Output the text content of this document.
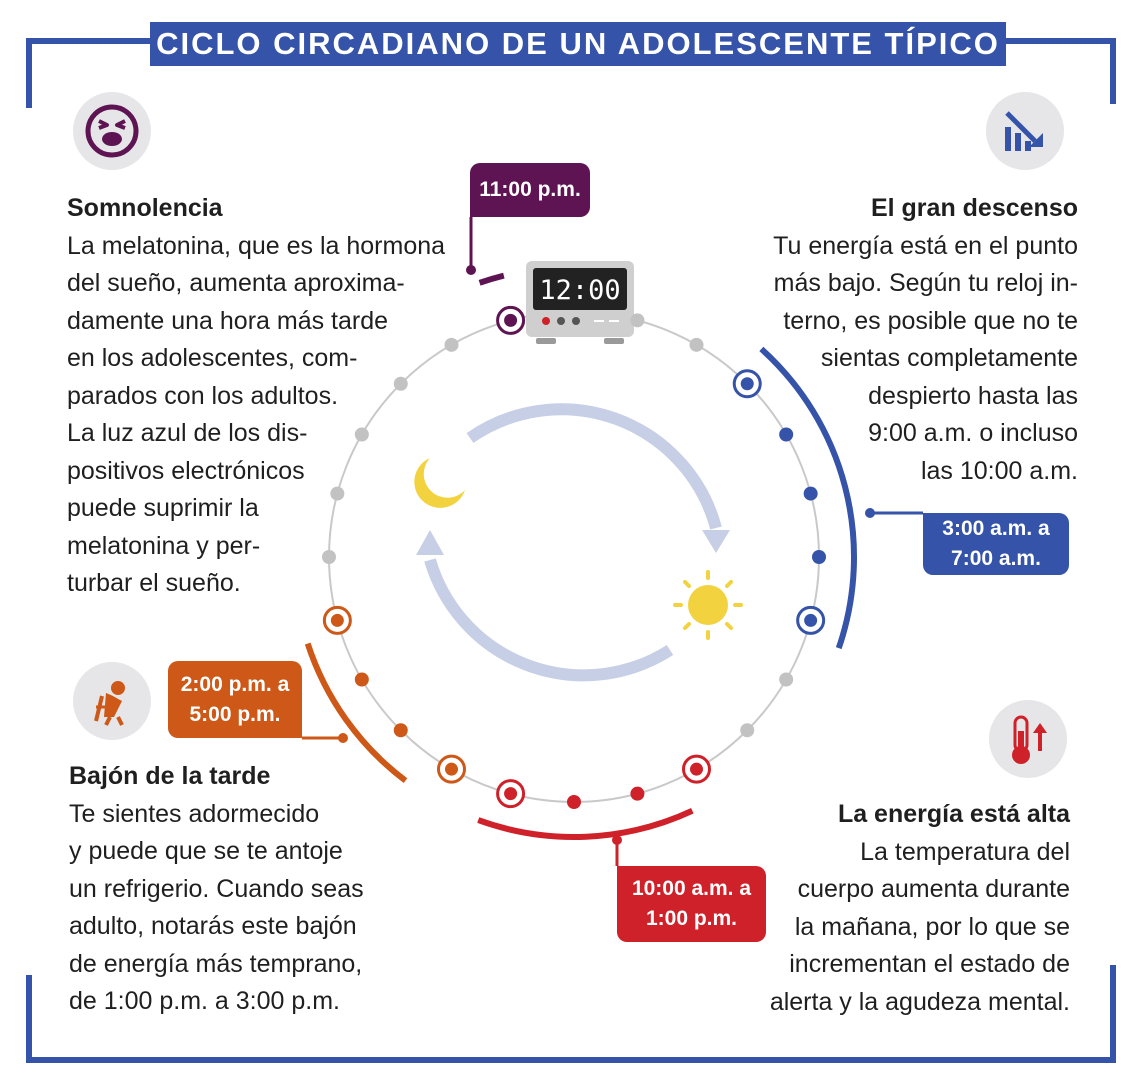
CICLO CIRCADIANO DE UN ADOLESCENTE TÍPICO
12:00
Somnolencia

La melatonina, que es la hormona
del sueño, aumenta aproxima-
damente una hora más tarde
en los adolescentes, com-
parados con los adultos.
La luz azul de los dis-
positivos electrónicos
puede suprimir la
melatonina y per-
turbar el sueño.

El gran descenso

Tu energía está en el punto
más bajo. Según tu reloj in-
terno, es posible que no te
sientas completamente
despierto hasta las
9:00 a.m. o incluso
las 10:00 a.m.

Bajón de la tarde

Te sientes adormecido
y puede que se te antoje
un refrigerio. Cuando seas
adulto, notarás este bajón
de energía más temprano,
de 1:00 p.m. a 3:00 p.m.

La energía está alta

La temperatura del
cuerpo aumenta durante
la mañana, por lo que se
incrementan el estado de
alerta y la agudeza mental.

11:00 p.m.
3:00 a.m. a
7:00 a.m.
2:00 p.m. a
5:00 p.m.
10:00 a.m. a
1:00 p.m.
